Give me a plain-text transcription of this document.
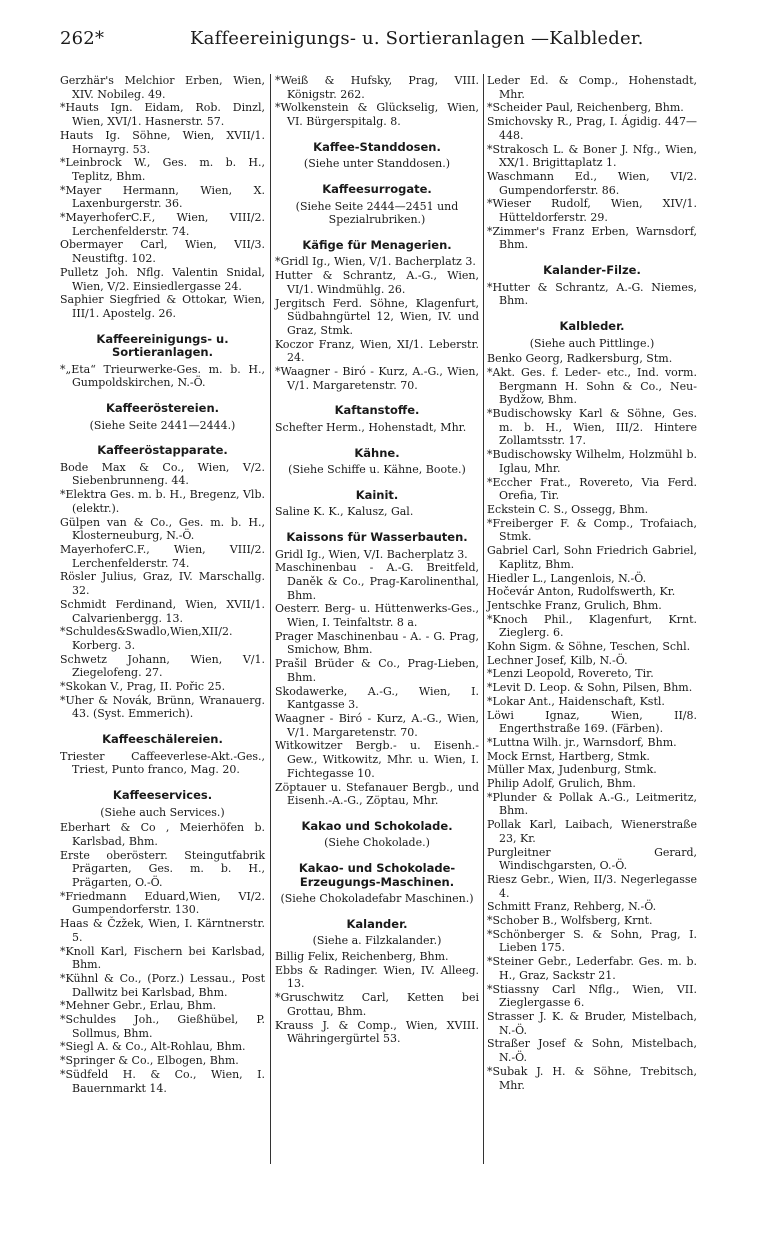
262*	Kaffeereinigungs- u. Sortieranlagen —Kalbleder.

Gerzhär's Melchior Erben, Wien, XIV. Nobileg. 49.

*Hauts Ign. Eidam, Rob. Dinzl, Wien, XVI/1. Hasnerstr. 57.

Hauts Ig. Söhne, Wien, XVII/1. Hornayrg. 53.

*Leinbrock W., Ges. m. b. H., Teplitz, Bhm.

*Mayer Hermann, Wien, X. Laxenburgerstr. 36.

*MayerhoferC.F., Wien, VIII/2. Lerchenfelderstr. 74.

Obermayer Carl, Wien, VII/3. Neustiftg. 102.

Pulletz Joh. Nflg. Valentin Snidal, Wien, V/2. Einsiedlergasse 24.

Saphier Siegfried & Ottokar, Wien, III/1. Apostelg. 26.

Kaffeereinigungs- u. Sortieranlagen.

*„Eta“ Trieurwerke-Ges. m. b. H., Gumpoldskirchen, N.-Ö.

Kaffeeröstereien.

(Siehe Seite 2441—2444.)

Kaffeeröstapparate.

Bode Max & Co., Wien, V/2. Siebenbrunneng. 44.

*Elektra Ges. m. b. H., Bregenz, Vlb. (elektr.).

Gülpen van & Co., Ges. m. b. H., Klosterneuburg, N.-Ö.

MayerhoferC.F., Wien, VIII/2. Lerchenfelderstr. 74.

Rösler Julius, Graz, IV. Marschallg. 32.

Schmidt Ferdinand, Wien, XVII/1. Calvarienbergg. 13.

*Schuldes&Swadlo,Wien,XII/2. Korberg. 3.

Schwetz Johann, Wien, V/1. Ziegelofeng. 27.

*Skokan V., Prag, II. Pořic 25.

*Uher & Novák, Brünn, Wranauerg. 43. (Syst. Emmerich).

Kaffeeschälereien.

Triester Caffeeverlese-Akt.-Ges., Triest, Punto franco, Mag. 20.

Kaffeeservices.

(Siehe auch Services.)

Eberhart & Co , Meierhöfen b. Karlsbad, Bhm.

Erste oberösterr. Steingutfabrik Prägarten, Ges. m. b. H., Prägarten, O.-Ö.

*Friedmann Eduard,Wien, VI/2. Gumpendorferstr. 130.

Haas & Čzžek, Wien, I. Kärntnerstr. 5.

*Knoll Karl, Fischern bei Karlsbad, Bhm.

*Kühnl & Co., (Porz.) Lessau., Post Dallwitz bei Karlsbad, Bhm.

*Mehner Gebr., Erlau, Bhm.

*Schuldes Joh., Gießhübel, P. Sollmus, Bhm.

*Siegl A. & Co., Alt-Rohlau, Bhm.

*Springer & Co., Elbogen, Bhm.

*Südfeld H. & Co., Wien, I. Bauernmarkt 14.

*Weiß & Hufsky, Prag, VIII. Königstr. 262.

*Wolkenstein & Glückselig, Wien, VI. Bürgerspitalg. 8.

Kaffee-Standdosen.

(Siehe unter Standdosen.)

Kaffeesurrogate.

(Siehe Seite 2444—2451 und Spezialrubriken.)

Käfige für Menagerien.

*Gridl Ig., Wien, V/1. Bacherplatz 3.

Hutter & Schrantz, A.-G., Wien, VI/1. Windmühlg. 26.

Jergitsch Ferd. Söhne, Klagenfurt, Südbahngürtel 12, Wien, IV. und Graz, Stmk.

Koczor Franz, Wien, XI/1. Leberstr. 24.

*Waagner - Biró - Kurz, A.-G., Wien, V/1. Margaretenstr. 70.

Kaftanstoffe.

Schefter Herm., Hohenstadt, Mhr.

Kähne.

(Siehe Schiffe u. Kähne, Boote.)

Kainit.

Saline K. K., Kalusz, Gal.

Kaissons für Wasserbauten.

Gridl Ig., Wien, V/I. Bacherplatz 3.

Maschinenbau - A.-G. Breitfeld, Daněk & Co., Prag-Karolinenthal, Bhm.

Oesterr. Berg- u. Hüttenwerks-Ges., Wien, I. Teinfaltstr. 8 a.

Prager Maschinenbau - A. - G. Prag, Smichow, Bhm.

Prašil Brüder & Co., Prag-Lieben, Bhm.

Skodawerke, A.-G., Wien, I. Kantgasse 3.

Waagner - Biró - Kurz, A.-G., Wien, V/1. Margaretenstr. 70.

Witkowitzer Bergb.- u. Eisenh.-Gew., Witkowitz, Mhr. u. Wien, I. Fichtegasse 10.

Zöptauer u. Stefanauer Bergb., und Eisenh.-A.-G., Zöptau, Mhr.

Kakao und Schokolade.

(Siehe Chokolade.)

Kakao- und Schokolade-Erzeugungs-Maschinen.

(Siehe Chokoladefabr Maschinen.)

Kalander.

(Siehe a. Filzkalander.)

Billig Felix, Reichenberg, Bhm.

Ebbs & Radinger. Wien, IV. Alleeg. 13.

*Gruschwitz Carl, Ketten bei Grottau, Bhm.

Krauss J. & Comp., Wien, XVIII. Währingergürtel 53.

Leder Ed. & Comp., Hohenstadt, Mhr.

*Scheider Paul, Reichenberg, Bhm.

Smichovsky R., Prag, I. Ágidig. 447—448.

*Strakosch L. & Boner J. Nfg., Wien, XX/1. Brigittaplatz 1.

Waschmann Ed., Wien, VI/2. Gumpendorferstr. 86.

*Wieser Rudolf, Wien, XIV/1. Hütteldorferstr. 29.

*Zimmer's Franz Erben, Warnsdorf, Bhm.

Kalander-Filze.

*Hutter & Schrantz, A.-G. Niemes, Bhm.

Kalbleder.

(Siehe auch Pittlinge.)

Benko Georg, Radkersburg, Stm.

*Akt. Ges. f. Leder- etc., Ind. vorm. Bergmann H. Sohn & Co., Neu-Bydžow, Bhm.

*Budischowsky Karl & Söhne, Ges. m. b. H., Wien, III/2. Hintere Zollamtsstr. 17.

*Budischowsky Wilhelm, Holzmühl b. Iglau, Mhr.

*Eccher Frat., Rovereto, Via Ferd. Orefia, Tir.

Eckstein C. S., Ossegg, Bhm.

*Freiberger F. & Comp., Trofaiach, Stmk.

Gabriel Carl, Sohn Friedrich Gabriel, Kaplitz, Bhm.

Hiedler L., Langenlois, N.-Ö.

Hočevár Anton, Rudolfswerth, Kr.

Jentschke Franz, Grulich, Bhm.

*Knoch Phil., Klagenfurt, Krnt. Zieglerg. 6.

Kohn Sigm. & Söhne, Teschen, Schl.

Lechner Josef, Kilb, N.-Ö.

*Lenzi Leopold, Rovereto, Tir.

*Levit D. Leop. & Sohn, Pilsen, Bhm.

*Lokar Ant., Haidenschaft, Kstl.

Löwi Ignaz, Wien, II/8. Engerthstraße 169. (Färben).

*Luttna Wilh. jr., Warnsdorf, Bhm.

Mock Ernst, Hartberg, Stmk.

Müller Max, Judenburg, Stmk.

Philip Adolf, Grulich, Bhm.

*Plunder & Pollak A.-G., Leitmeritz, Bhm.

Pollak Karl, Laibach, Wienerstraße 23, Kr.

Purgleitner Gerard, Windischgarsten, O.-Ö.

Riesz Gebr., Wien, II/3. Negerlegasse 4.

Schmitt Franz, Rehberg, N.-Ö.

*Schober B., Wolfsberg, Krnt.

*Schönberger S. & Sohn, Prag, I. Lieben 175.

*Steiner Gebr., Lederfabr. Ges. m. b. H., Graz, Sackstr 21.

*Stiassny Carl Nflg., Wien, VII. Zieglergasse 6.

Strasser J. K. & Bruder, Mistelbach, N.-Ö.

Straßer Josef & Sohn, Mistelbach, N.-Ö.

*Subak J. H. & Söhne, Trebitsch, Mhr.
